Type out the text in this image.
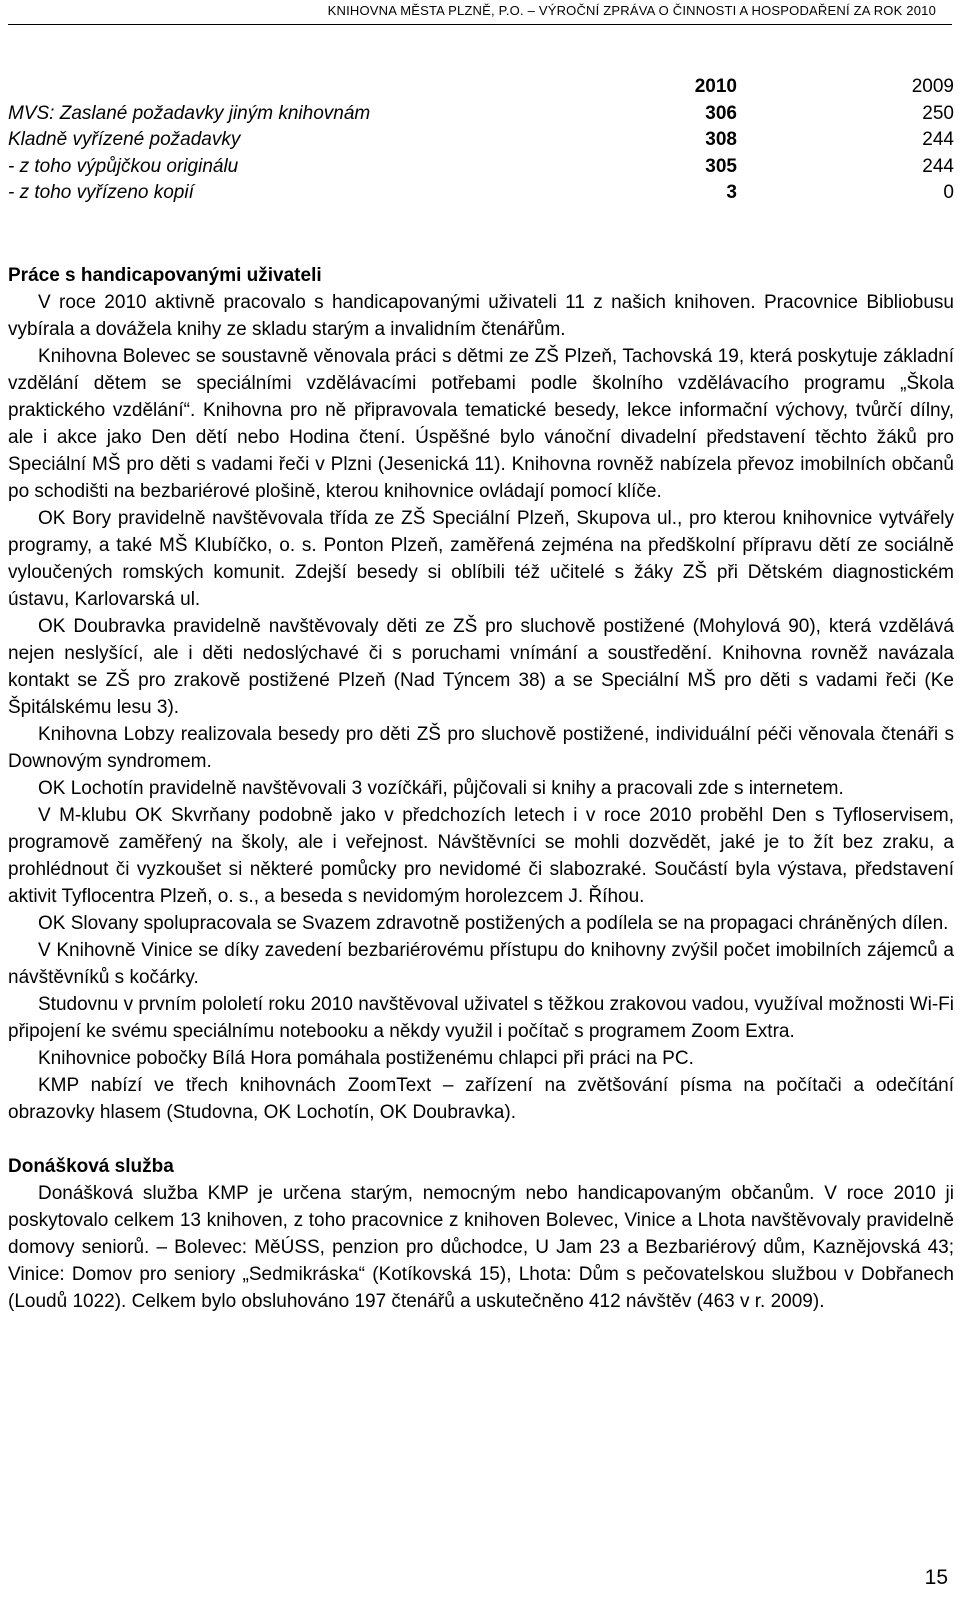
KNIHOVNA MĚSTA PLZNĚ, P.O. – VÝROČNÍ ZPRÁVA O ČINNOSTI A HOSPODAŘENÍ ZA ROK 2010
	2010	2009
MVS: Zaslané požadavky jiným knihovnám	306	250
Kladně vyřízené požadavky	308	244
- z toho výpůjčkou originálu	305	244
- z toho vyřízeno kopií	3	0
Práce s handicapovanými uživateli

V roce 2010 aktivně pracovalo s handicapovanými uživateli 11 z našich knihoven. Pracovnice Bibliobusu vybírala a dovážela knihy ze skladu starým a invalidním čtenářům.

Knihovna Bolevec se soustavně věnovala práci s dětmi ze ZŠ Plzeň, Tachovská 19, která poskytuje základní vzdělání dětem se speciálními vzdělávacími potřebami podle školního vzdělávacího programu „Škola praktického vzdělání“. Knihovna pro ně připravovala tematické besedy, lekce informační výchovy, tvůrčí dílny, ale i akce jako Den dětí nebo Hodina čtení. Úspěšné bylo vánoční divadelní představení těchto žáků pro Speciální MŠ pro děti s vadami řeči v Plzni (Jesenická 11). Knihovna rovněž nabízela převoz imobilních občanů po schodišti na bezbariérové plošině, kterou knihovnice ovládají pomocí klíče.

OK Bory pravidelně navštěvovala třída ze ZŠ Speciální Plzeň, Skupova ul., pro kterou knihovnice vytvářely programy, a také MŠ Klubíčko, o. s. Ponton Plzeň, zaměřená zejména na předškolní přípravu dětí ze sociálně vyloučených romských komunit. Zdejší besedy si oblíbili též učitelé s žáky ZŠ při Dětském diagnostickém ústavu, Karlovarská ul.

OK Doubravka pravidelně navštěvovaly děti ze ZŠ pro sluchově postižené (Mohylová 90), která vzdělává nejen neslyšící, ale i děti nedoslýchavé či s poruchami vnímání a soustředění. Knihovna rovněž navázala kontakt se ZŠ pro zrakově postižené Plzeň (Nad Týncem 38) a se Speciální MŠ pro děti s vadami řeči (Ke Špitálskému lesu 3).

Knihovna Lobzy realizovala besedy pro děti ZŠ pro sluchově postižené, individuální péči věnovala čtenáři s Downovým syndromem.

OK Lochotín pravidelně navštěvovali 3 vozíčkáři, půjčovali si knihy a pracovali zde s internetem.

V M-klubu OK Skvrňany podobně jako v předchozích letech i v roce 2010 proběhl Den s Tyfloservisem, programově zaměřený na školy, ale i veřejnost. Návštěvníci se mohli dozvědět, jaké je to žít bez zraku, a prohlédnout či vyzkoušet si některé pomůcky pro nevidomé či slabozraké. Součástí byla výstava, představení aktivit Tyflocentra Plzeň, o. s., a beseda s nevidomým horolezcem J. Říhou.

OK Slovany spolupracovala se Svazem zdravotně postižených a podílela se na propagaci chráněných dílen.

V Knihovně Vinice se díky zavedení bezbariérovému přístupu do knihovny zvýšil počet imobilních zájemců a návštěvníků s kočárky.

Studovnu v prvním pololetí roku 2010 navštěvoval uživatel s těžkou zrakovou vadou, využíval možnosti Wi-Fi připojení ke svému speciálnímu notebooku a někdy využil i počítač s programem Zoom Extra.

Knihovnice pobočky Bílá Hora pomáhala postiženému chlapci při práci na PC.

KMP nabízí ve třech knihovnách ZoomText – zařízení na zvětšování písma na počítači a odečítání obrazovky hlasem (Studovna, OK Lochotín, OK Doubravka).

Donášková služba

Donášková služba KMP je určena starým, nemocným nebo handicapovaným občanům. V roce 2010 ji poskytovalo celkem 13 knihoven, z toho pracovnice z knihoven Bolevec, Vinice a Lhota navštěvovaly pravidelně domovy seniorů. – Bolevec: MěÚSS, penzion pro důchodce, U Jam 23 a Bezbariérový dům, Kaznějovská 43; Vinice: Domov pro seniory „Sedmikráska“ (Kotíkovská 15), Lhota: Dům s pečovatelskou službou v Dobřanech (Loudů 1022). Celkem bylo obsluhováno 197 čtenářů a uskutečněno 412 návštěv (463 v r. 2009).

15
